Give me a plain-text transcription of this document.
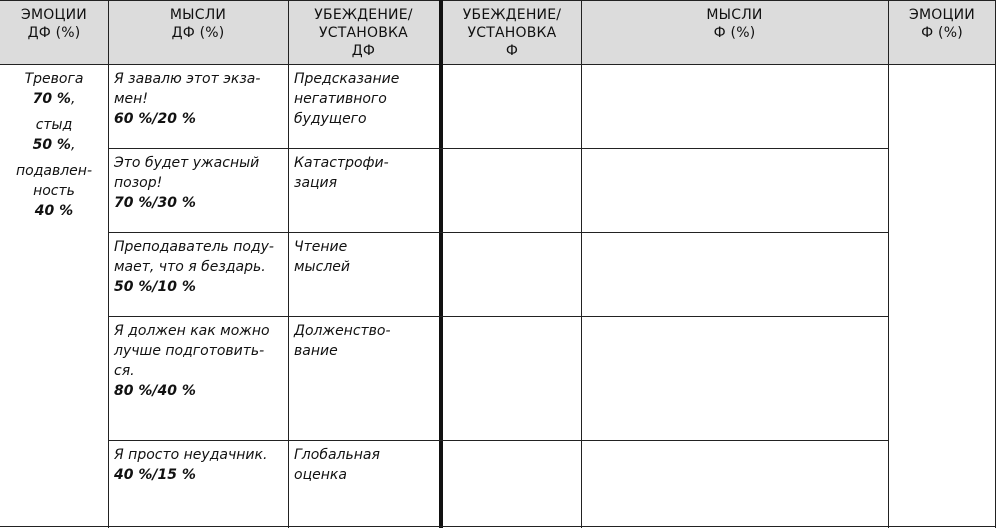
ЭМОЦИИ
ДФ (%)
МЫСЛИ
ДФ (%)
УБЕЖДЕНИЕ/
УСТАНОВКА
ДФ
УБЕЖДЕНИЕ/
УСТАНОВКА
Ф
МЫСЛИ
Ф (%)
ЭМОЦИИ
Ф (%)
Тревога
70 %,
стыд
50 %,
подавлен-
ность
40 %
Я завалю этот экза-
мен!
60 %/20 %
Предсказание
негативного
будущего
Это будет ужасный
позор!
70 %/30 %
Катастрофи-
зация
Преподаватель поду-
мает, что я бездарь.
50 %/10 %
Чтение
мыслей
Я должен как можно
лучше подготовить-
ся.
80 %/40 %
Долженство-
вание
Я просто неудачник.
40 %/15 %
Глобальная
оценка
